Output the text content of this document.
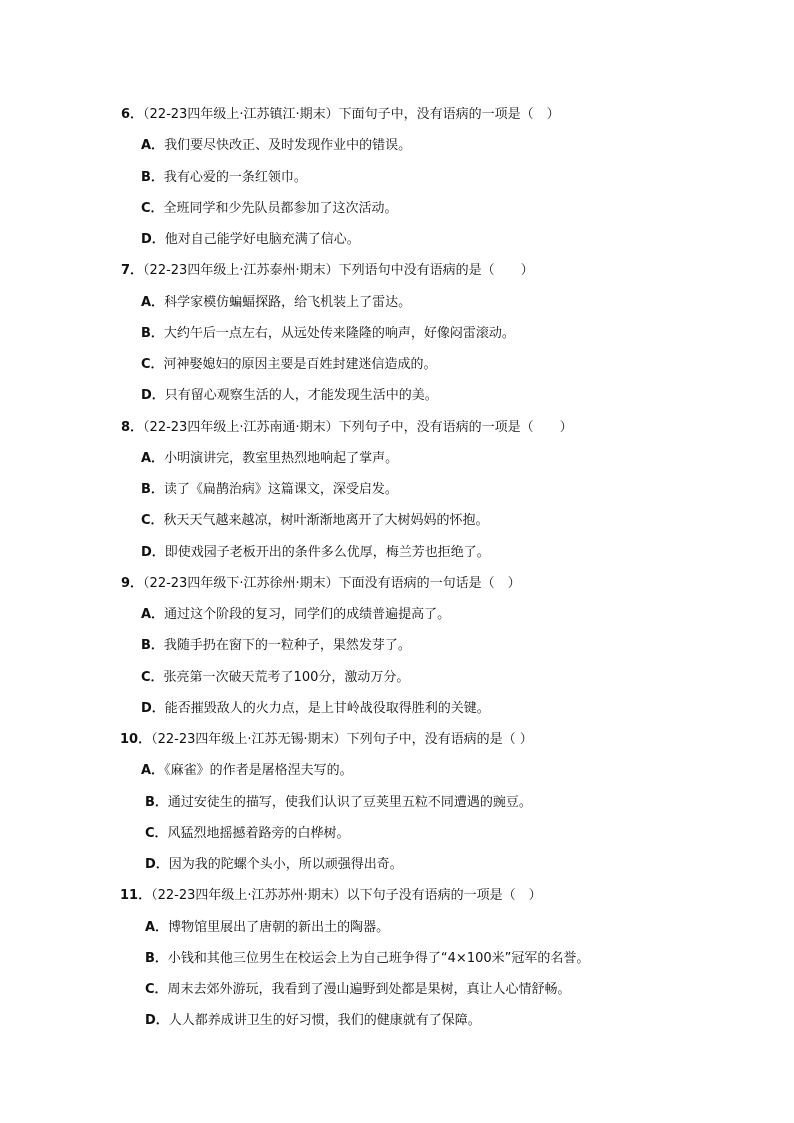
6．（22-23四年级上·江苏镇江·期末）下面句子中，没有语病的一项是（　）
A．我们要尽快改正、及时发现作业中的错误。
B．我有心爱的一条红领巾。
C．全班同学和少先队员都参加了这次活动。
D．他对自己能学好电脑充满了信心。
7．（22-23四年级上·江苏泰州·期末）下列语句中没有语病的是（　　）
A．科学家模仿蝙蝠探路，给飞机装上了雷达。
B．大约午后一点左右，从远处传来隆隆的响声，好像闷雷滚动。
C．河神娶媳妇的原因主要是百姓封建迷信造成的。
D．只有留心观察生活的人，才能发现生活中的美。
8．（22-23四年级上·江苏南通·期末）下列句子中，没有语病的一项是（　　）
A．小明演讲完，教室里热烈地响起了掌声。
B．读了《扁鹊治病》这篇课文，深受启发。
C．秋天天气越来越凉，树叶渐渐地离开了大树妈妈的怀抱。
D．即使戏园子老板开出的条件多么优厚，梅兰芳也拒绝了。
9．（22-23四年级下·江苏徐州·期末）下面没有语病的一句话是（　）
A．通过这个阶段的复习，同学们的成绩普遍提高了。
B．我随手扔在窗下的一粒种子，果然发芽了。
C．张亮第一次破天荒考了100分，激动万分。
D．能否摧毁敌人的火力点，是上甘岭战役取得胜利的关键。
10．（22-23四年级上·江苏无锡·期末）下列句子中，没有语病的是（ ）
A．《麻雀》的作者是屠格涅夫写的。
B．通过安徒生的描写，使我们认识了豆荚里五粒不同遭遇的豌豆。
C．风猛烈地摇撼着路旁的白桦树。
D．因为我的陀螺个头小，所以顽强得出奇。
11．（22-23四年级上·江苏苏州·期末）以下句子没有语病的一项是（　）
A．博物馆里展出了唐朝的新出土的陶器。
B．小钱和其他三位男生在校运会上为自己班争得了“4×100米”冠军的名誉。
C．周末去郊外游玩，我看到了漫山遍野到处都是果树，真让人心情舒畅。
D．人人都养成讲卫生的好习惯，我们的健康就有了保障。
